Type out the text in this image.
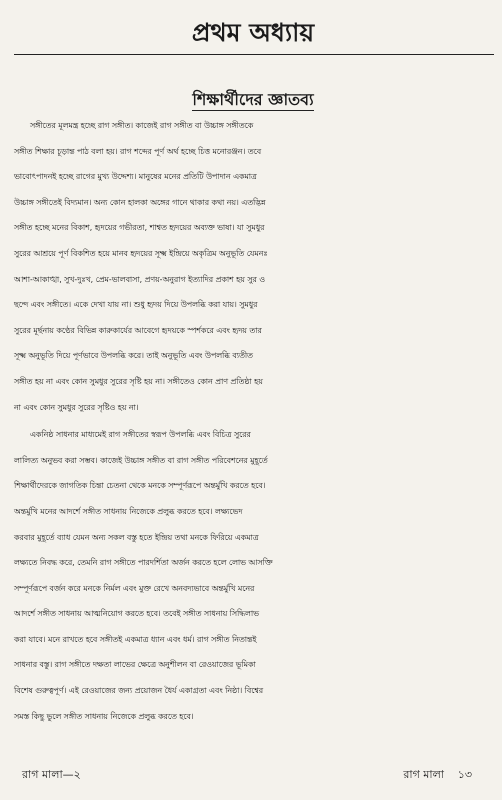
প্রথম অধ্যায়
শিক্ষার্থীদের জ্ঞাতব্য
সঙ্গীতের মূলমন্ত্র হচ্ছে রাগ সঙ্গীত। কাজেই রাগ সঙ্গীত বা উচ্চাঙ্গ সঙ্গীতকে
সঙ্গীত শিক্ষার চূড়ান্ত পাঠ বলা হয়। রাগ শব্দের পূর্ণ অর্থ হচ্ছে চিত্ত মনোরঞ্জন। তবে
ভাবোৎপাদনই হচ্ছে রাগের মুখ্য উদ্দেশ্য। মানুষের মনের প্রতিটি উপাদান একমাত্র
উচ্চাঙ্গ সঙ্গীতেই বিদ্যমান। অন্য কোন হালকা অঙ্গের গানে থাকার কথা নয়। এতদ্ভিন্ন
সঙ্গীত হচ্ছে মনের বিকাশ, হৃদয়ের গভীরতা, শাশ্বত হৃদয়ের অব্যক্ত ভাষা। যা সুমধুর
সুরের আশ্রয়ে পূর্ণ বিকশিত হয়ে মানব হৃদয়ের সূক্ষ্ম ইন্দ্রিয়ে অকৃত্রিম অনুভূতি যেমনঃ
আশা-আকাঙ্খা, সুখ-দুঃখ, প্রেম-ভালবাসা, প্রণয়-অনুরাগ ইত্যাদির প্রকাশ হয় সুর ও
ছন্দে এবং সঙ্গীতে। একে দেখা যায় না। শুধু হৃদয় দিয়ে উপলব্ধি করা যায়। সুমধুর
সুরের মূর্ছনায় কণ্ঠের বিভিন্ন কারুকার্যের আবেগে হৃদয়কে স্পর্শকরে এবং হৃদয় তার
সূক্ষ্ম অনুভূতি দিয়ে পূর্ণভাবে উপলব্ধি করে। তাই অনুভূতি এবং উপলব্ধি ব্যতীত
সঙ্গীত হয় না এবং কোন সুমধুর সুরের সৃষ্টি হয় না। সঙ্গীতেও কোন প্রাণ প্রতিষ্ঠা হয়
না এবং কোন সুমধুর সুরের সৃষ্টিও হয় না।
একনিষ্ঠ সাধনার মাধ্যমেই রাগ সঙ্গীতের স্বরূপ উপলব্ধি এবং বিচিত্র সুরের
লালিত্য অনুভব করা সম্ভব। কাজেই উচ্চাঙ্গ সঙ্গীত বা রাগ সঙ্গীত পরিবেশনের মুহূর্তে
শিক্ষার্থীদেরকে জাগতিক চিন্তা চেতনা থেকে মনকে সম্পূর্ণরূপে অন্তর্মুখি করতে হবে।
অন্তর্মুখি মনের আদর্শে সঙ্গীত সাধনায় নিজেকে প্রলুব্ধ করতে হবে। লক্ষ্যভেদ
করবার মুহূর্তে ব্যাধ যেমন অন্য সকল বস্তু হতে ইন্দ্রিয় তথা মনকে ফিরিয়ে একমাত্র
লক্ষ্যতে নিবদ্ধ করে, তেমনি রাগ সঙ্গীতে পারদর্শিতা অর্জন করতে হলে লোভ আসক্তি
সম্পূর্ণরূপে বর্জন করে মনকে নির্মল এবং মুক্ত রেখে অনবদ্যভাবে অন্তর্মুখি মনের
আদর্শে সঙ্গীত সাধনায় আত্মনিয়োগ করতে হবে। তবেই সঙ্গীত সাধনায় সিদ্ধিলাভ
করা যাবে। মনে রাখতে হবে সঙ্গীতই একমাত্র ধ্যান এবং ধর্ম। রাগ সঙ্গীত নিতান্তই
সাধনার বস্তু। রাগ সঙ্গীতে দক্ষতা লাভের ক্ষেত্রে অনুশীলন বা রেওয়াজের ভূমিকা
বিশেষ গুরুত্বপূর্ণ। এই রেওয়াজের জন্য প্রয়োজন ধৈর্য একাগ্রতা এবং নিষ্ঠা। বিশ্বের
সমস্ত কিছু ভুলে সঙ্গীত সাধনায় নিজেকে প্রলুব্ধ করতে হবে।
রাগ মালা—২	রাগ মালা ১৩
